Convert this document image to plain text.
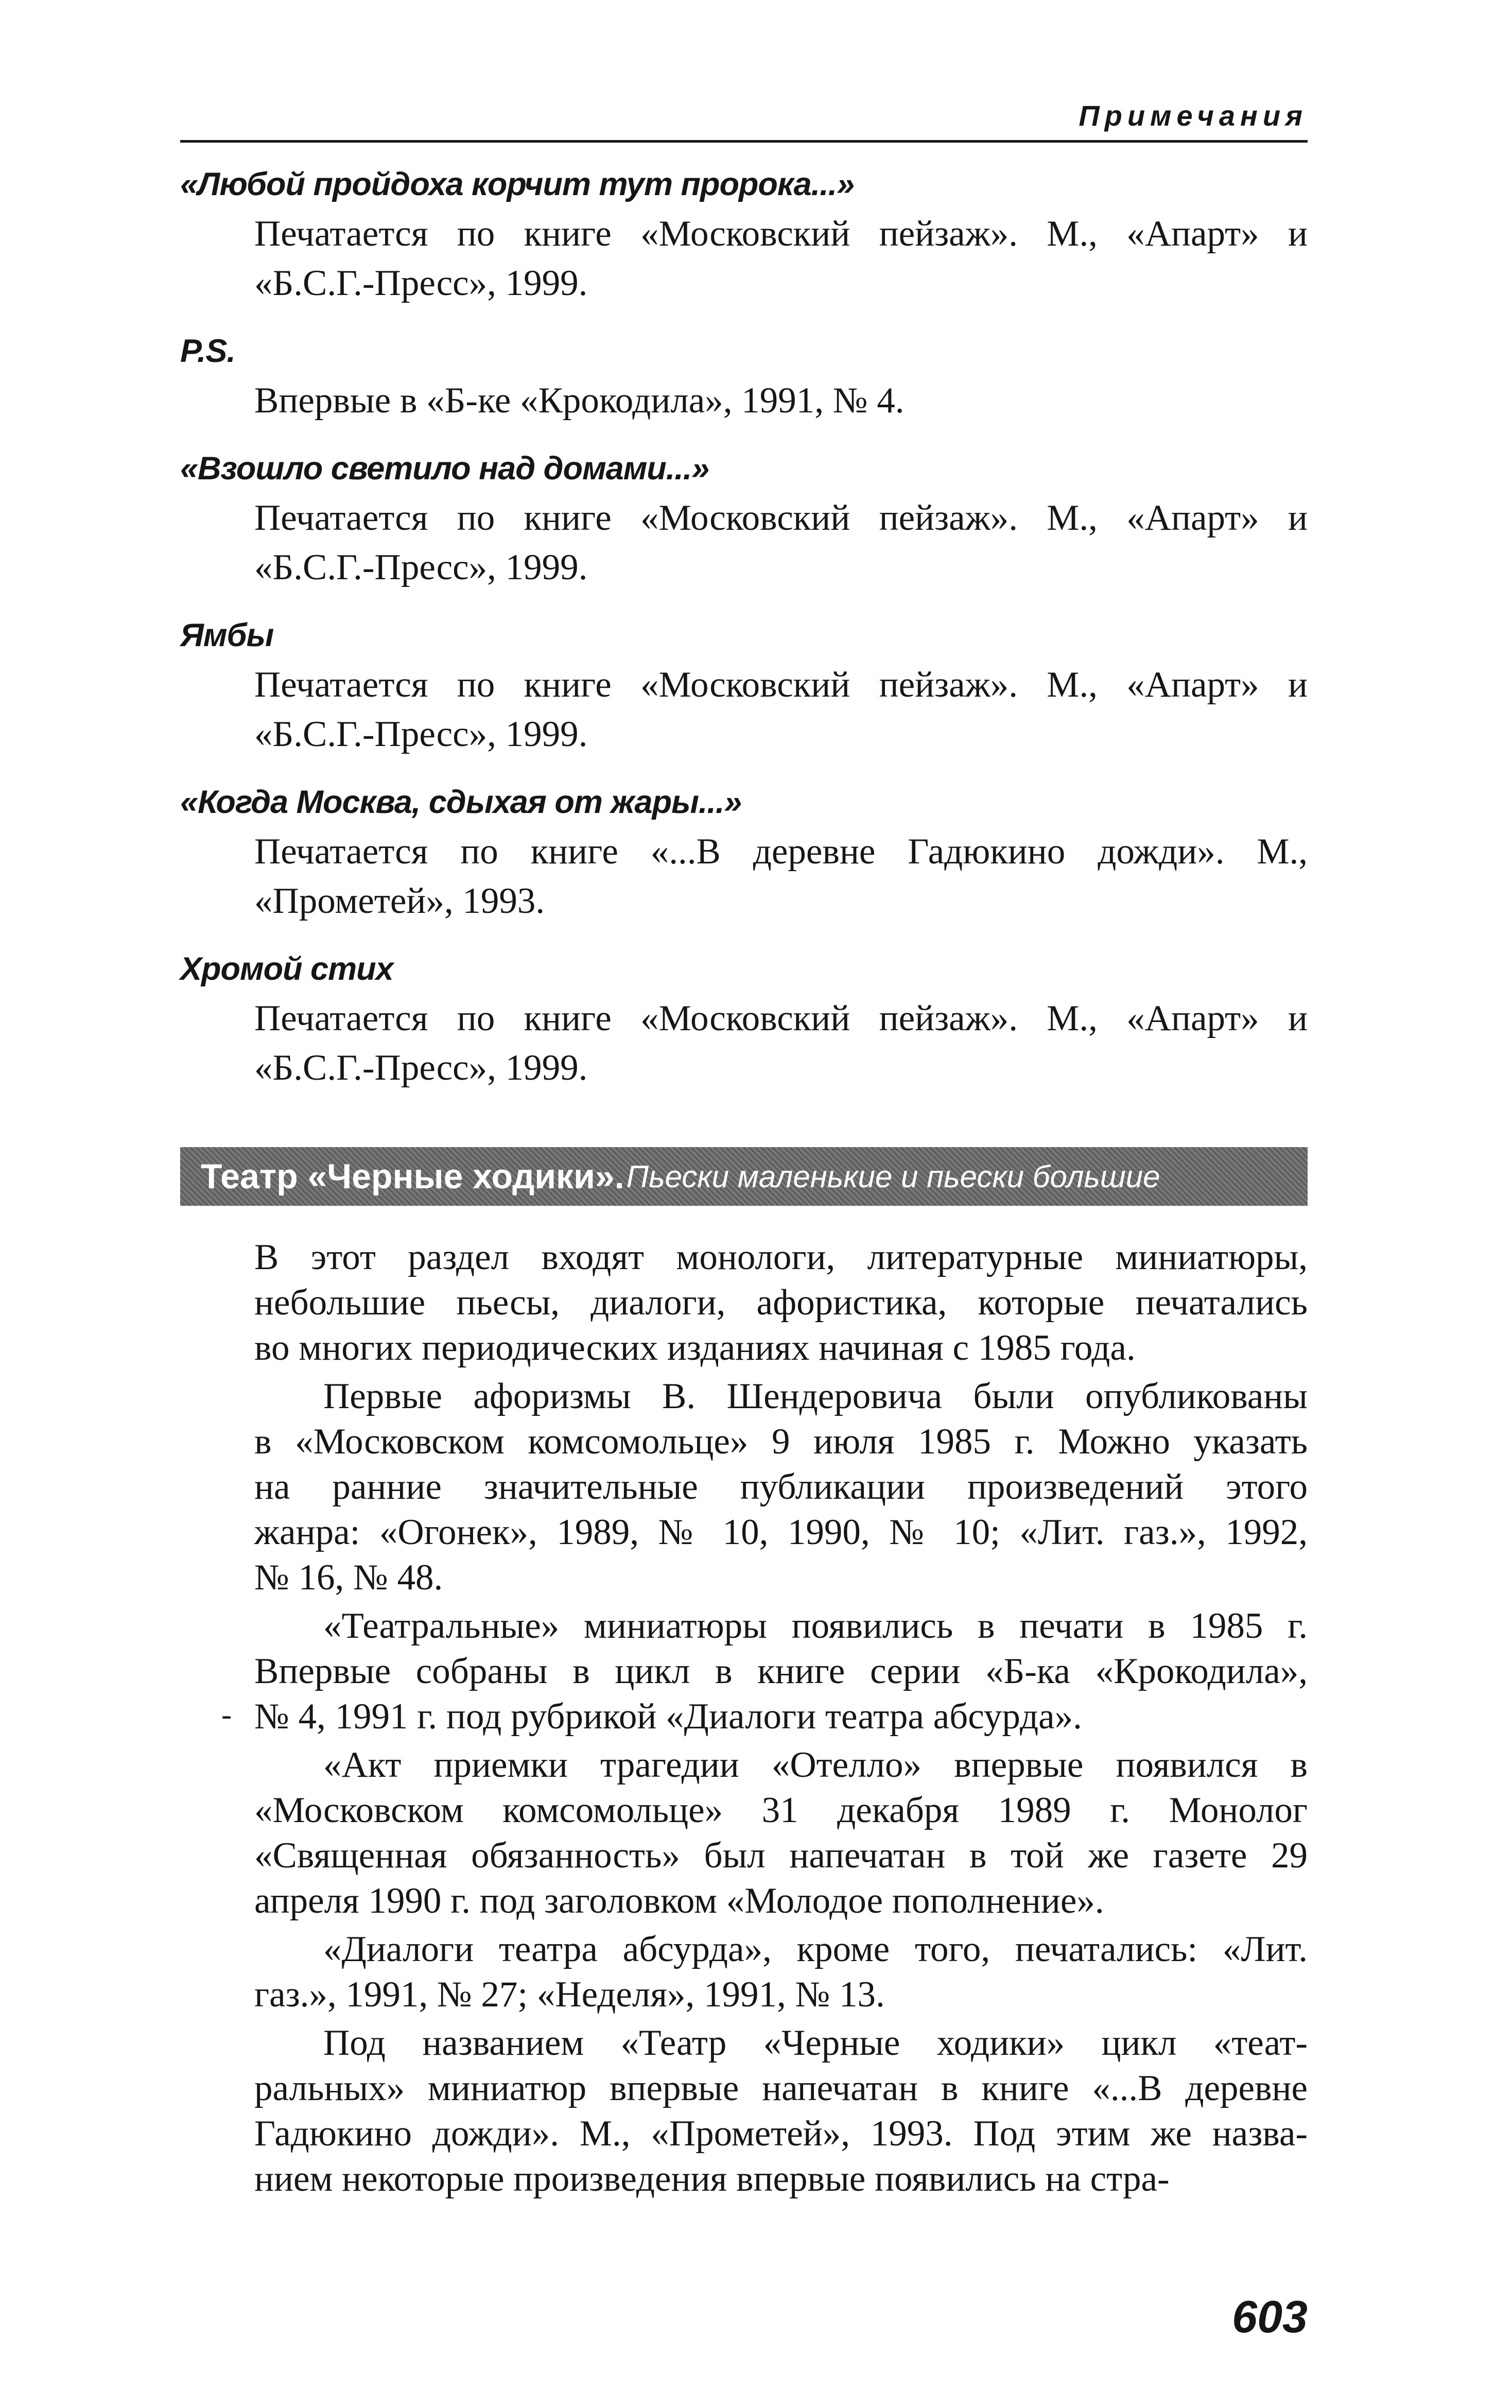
Примечания
«Любой пройдоха корчит тут пророка...»
Печатается по книге «Московский пейзаж». М., «Апарт» и
«Б.С.Г.-Пресс», 1999.
P.S.
Впервые в «Б-ке «Крокодила», 1991, № 4.
«Взошло светило над домами...»
Печатается по книге «Московский пейзаж». М., «Апарт» и
«Б.С.Г.-Пресс», 1999.
Ямбы
Печатается по книге «Московский пейзаж». М., «Апарт» и
«Б.С.Г.-Пресс», 1999.
«Когда Москва, сдыхая от жары...»
Печатается по книге «...В деревне Гадюкино дожди». М.,
«Прометей», 1993.
Хромой стих
Печатается по книге «Московский пейзаж». М., «Апарт» и
«Б.С.Г.-Пресс», 1999.
Театр «Черные ходики». Пьески маленькие и пьески большие
В этот раздел входят монологи, литературные миниатюры,
небольшие пьесы, диалоги, афористика, которые печатались
во многих периодических изданиях начиная с 1985 года.
Первые афоризмы В. Шендеровича были опубликованы
в «Московском комсомольце» 9 июля 1985 г. Можно указать
на ранние значительные публикации произведений этого
жанра: «Огонек», 1989, № 10, 1990, № 10; «Лит. газ.», 1992,
№ 16, № 48.
«Театральные» миниатюры появились в печати в 1985 г.
Впервые собраны в цикл в книге серии «Б-ка «Крокодила»,
№ 4, 1991 г. под рубрикой «Диалоги театра абсурда».
«Акт приемки трагедии «Отелло» впервые появился в
«Московском комсомольце» 31 декабря 1989 г. Монолог
«Священная обязанность» был напечатан в той же газете 29
апреля 1990 г. под заголовком «Молодое пополнение».
«Диалоги театра абсурда», кроме того, печатались: «Лит.
газ.», 1991, № 27; «Неделя», 1991, № 13.
Под названием «Театр «Черные ходики» цикл «теат-
ральных» миниатюр впервые напечатан в книге «...В деревне
Гадюкино дожди». М., «Прометей», 1993. Под этим же назва-
нием некоторые произведения впервые появились на стра-
-
603
